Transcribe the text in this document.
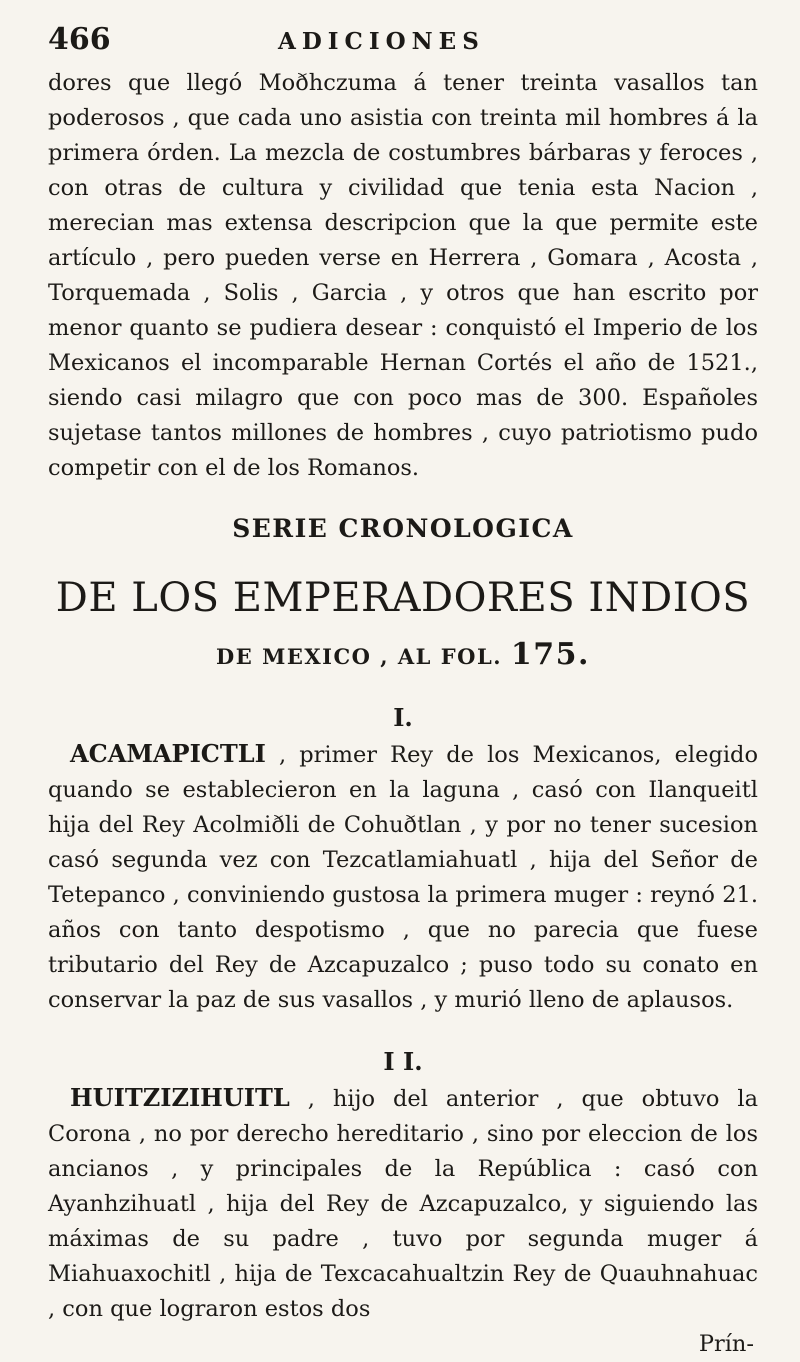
466	ADICIONES

dores que llegó Moðhczuma á tener treinta vasallos tan poderosos , que cada uno asistia con treinta mil hombres á la primera órden. La mezcla de costumbres bárbaras y feroces , con otras de cultura y civilidad que tenia esta Nacion , merecian mas extensa descripcion que la que permite este artículo , pero pueden verse en Herrera , Gomara , Acosta , Torquemada , Solis , Garcia , y otros que han escrito por menor quanto se pudiera desear : conquistó el Imperio de los Mexicanos el incomparable Hernan Cortés el año de 1521., siendo casi milagro que con poco mas de 300. Españoles sujetase tantos millones de hombres , cuyo patriotismo pudo competir con el de los Romanos.

SERIE CRONOLOGICA
DE LOS EMPERADORES INDIOS
DE MEXICO , AL FOL. 175.
I.

ACAMAPICTLI , primer Rey de los Mexicanos, elegido quando se establecieron en la laguna , casó con Ilanqueitl hija del Rey Acolmiðli de Cohuðtlan , y por no tener sucesion casó segunda vez con Tezcatlamiahuatl , hija del Señor de Tetepanco , conviniendo gustosa la primera muger : reynó 21. años con tanto despotismo , que no parecia que fuese tributario del Rey de Azcapuzalco ; puso todo su conato en conservar la paz de sus vasallos , y murió lleno de aplausos.

I I.

HUITZIZIHUITL , hijo del anterior , que obtuvo la Corona , no por derecho hereditario , sino por eleccion de los ancianos , y principales de la República : casó con Ayanhzihuatl , hija del Rey de Azcapuzalco, y siguiendo las máximas de su padre , tuvo por segunda muger á Miahuaxochitl , hija de Texcacahualtzin Rey de Quauhnahuac , con que lograron estos dos

Prín-
